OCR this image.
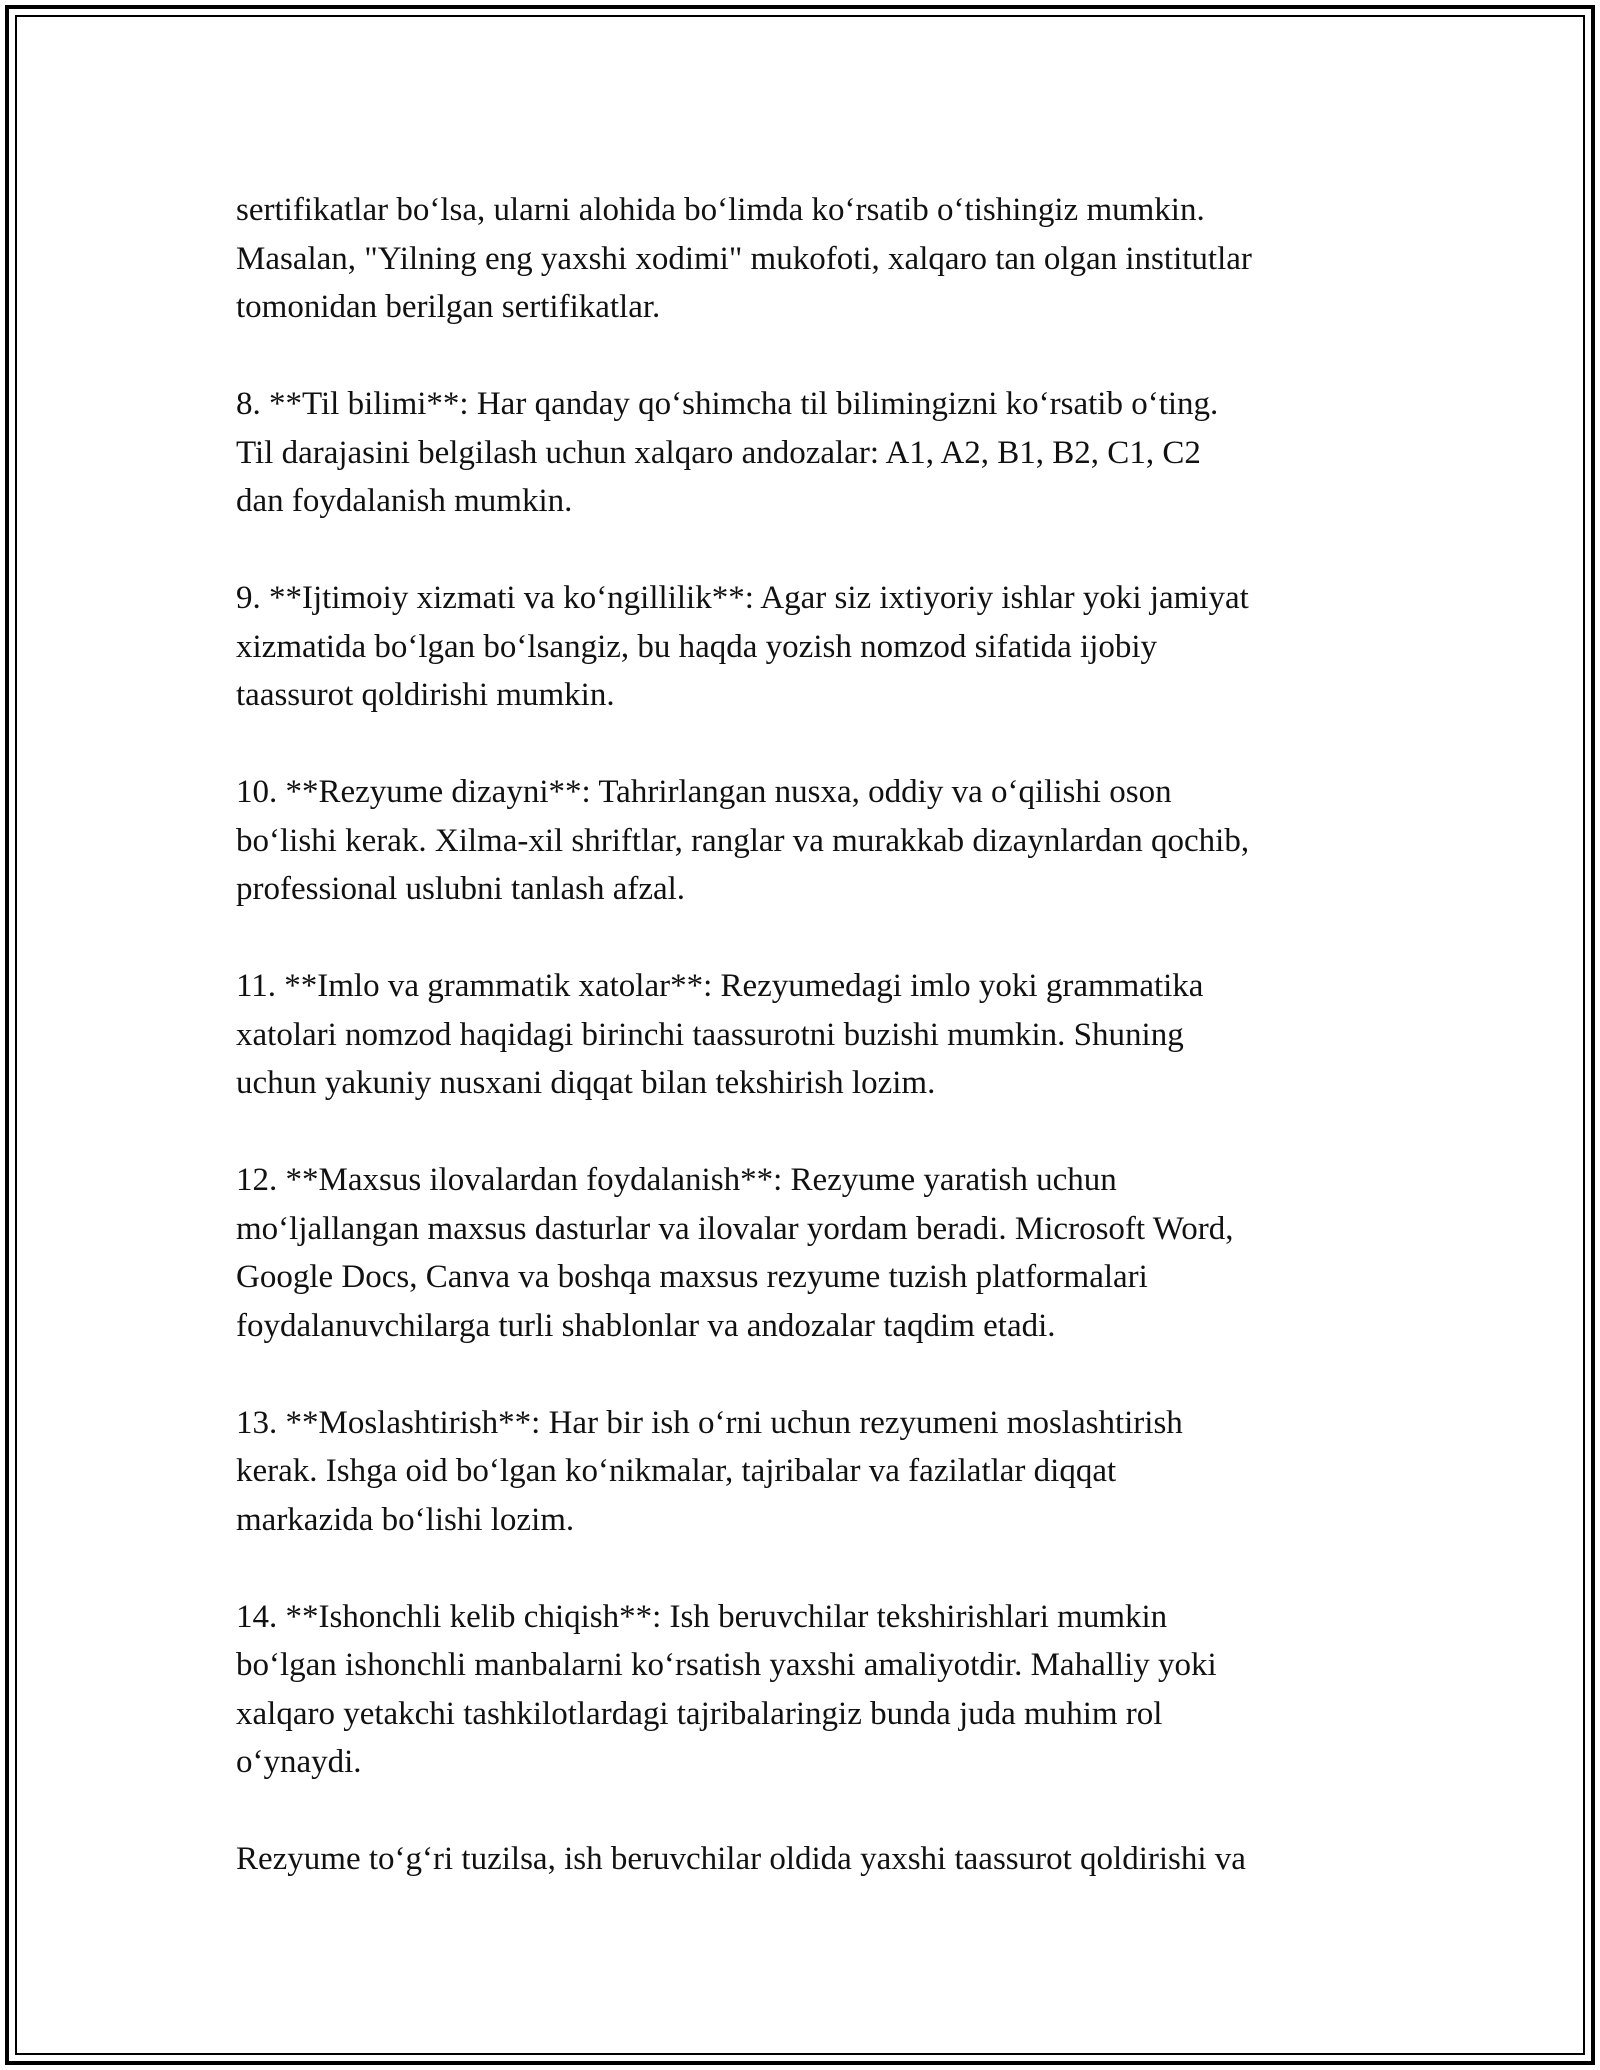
sertifikatlar bo‘lsa, ularni alohida bo‘limda ko‘rsatib o‘tishingiz mumkin.
Masalan, "Yilning eng yaxshi xodimi" mukofoti, xalqaro tan olgan institutlar
tomonidan berilgan sertifikatlar.

8. **Til bilimi**: Har qanday qo‘shimcha til bilimingizni ko‘rsatib o‘ting.
Til darajasini belgilash uchun xalqaro andozalar: A1, A2, B1, B2, C1, C2
dan foydalanish mumkin.

9. **Ijtimoiy xizmati va ko‘ngillilik**: Agar siz ixtiyoriy ishlar yoki jamiyat
xizmatida bo‘lgan bo‘lsangiz, bu haqda yozish nomzod sifatida ijobiy
taassurot qoldirishi mumkin.

10. **Rezyume dizayni**: Tahrirlangan nusxa, oddiy va o‘qilishi oson
bo‘lishi kerak. Xilma-xil shriftlar, ranglar va murakkab dizaynlardan qochib,
professional uslubni tanlash afzal.

11. **Imlo va grammatik xatolar**: Rezyumedagi imlo yoki grammatika
xatolari nomzod haqidagi birinchi taassurotni buzishi mumkin. Shuning
uchun yakuniy nusxani diqqat bilan tekshirish lozim.

12. **Maxsus ilovalardan foydalanish**: Rezyume yaratish uchun
mo‘ljallangan maxsus dasturlar va ilovalar yordam beradi. Microsoft Word,
Google Docs, Canva va boshqa maxsus rezyume tuzish platformalari
foydalanuvchilarga turli shablonlar va andozalar taqdim etadi.

13. **Moslashtirish**: Har bir ish o‘rni uchun rezyumeni moslashtirish
kerak. Ishga oid bo‘lgan ko‘nikmalar, tajribalar va fazilatlar diqqat
markazida bo‘lishi lozim.

14. **Ishonchli kelib chiqish**: Ish beruvchilar tekshirishlari mumkin
bo‘lgan ishonchli manbalarni ko‘rsatish yaxshi amaliyotdir. Mahalliy yoki
xalqaro yetakchi tashkilotlardagi tajribalaringiz bunda juda muhim rol
o‘ynaydi.

Rezyume to‘g‘ri tuzilsa, ish beruvchilar oldida yaxshi taassurot qoldirishi va
